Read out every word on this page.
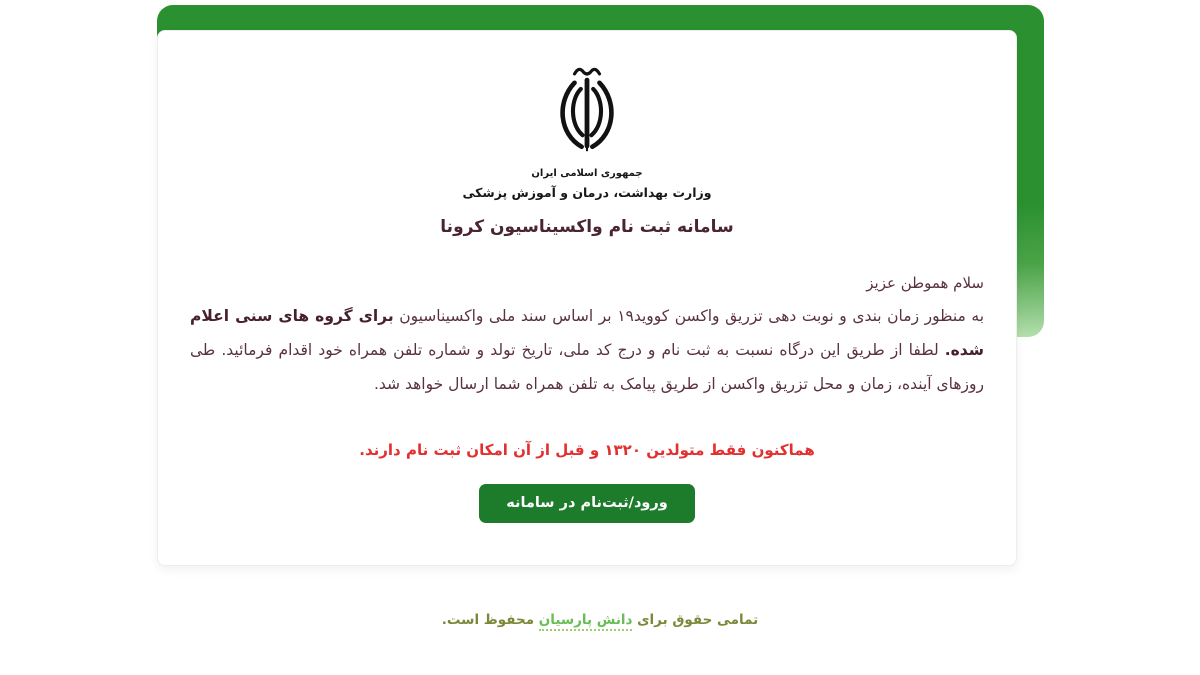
جمهوری اسلامی ایران
وزارت بهداشت، درمان و آموزش پزشکی
سامانه ثبت نام واکسیناسیون کرونا

سلام هموطن عزیز

به منظور زمان بندی و نوبت دهی تزریق واکسن کووید۱۹ بر اساس سند ملی واکسیناسیون برای گروه های سنی اعلام شده. لطفا از طریق این درگاه نسبت به ثبت نام و درج کد ملی، تاریخ تولد و شماره تلفن همراه خود اقدام فرمائید. طی روزهای آینده، زمان و محل تزریق واکسن از طریق پیامک به تلفن همراه شما ارسال خواهد شد.

هماکنون فقط متولدین ۱۳۲۰ و قبل از آن امکان ثبت نام دارند.

ورود/ثبت‌نام در سامانه

تمامی حقوق برای دانش پارسیان محفوظ است.
